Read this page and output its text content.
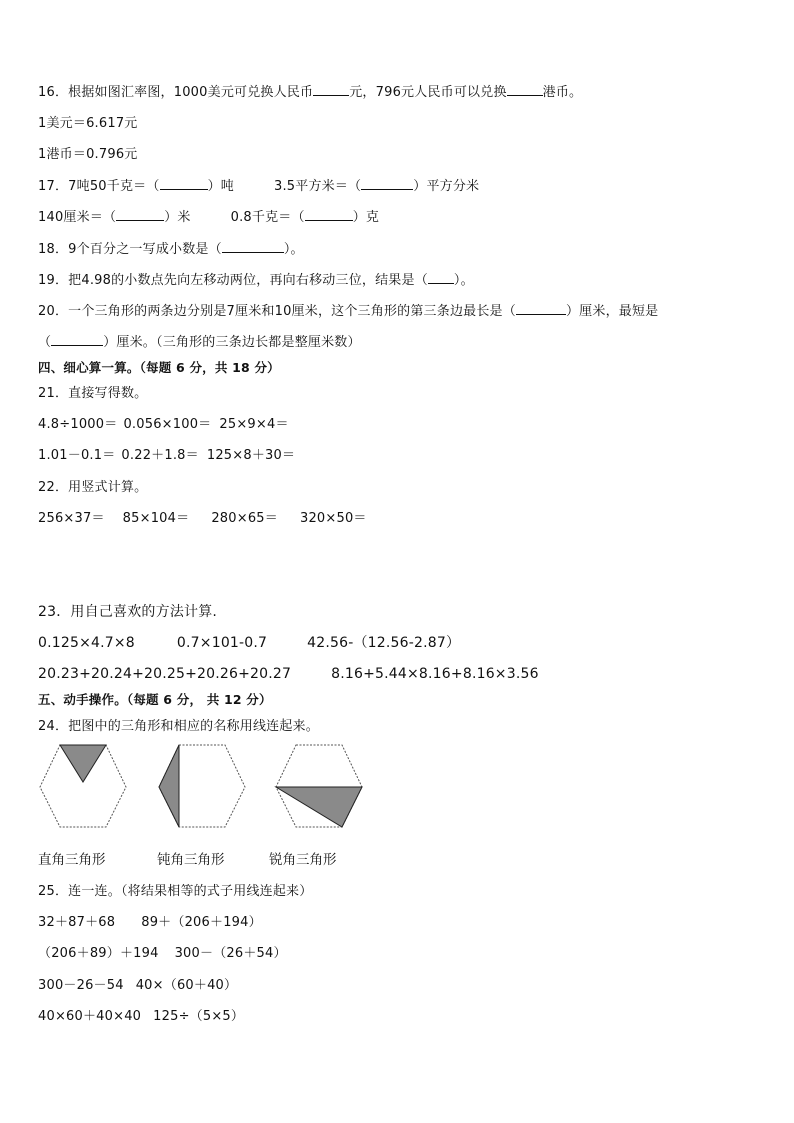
16．根据如图汇率图，1000美元可兑换人民币	元，796元人民币可以兑换	港币。
1美元＝6.617元
1港币＝0.796元
17．7吨50千克＝（	）吨	3.5平方米＝（	）平方分米
140厘米＝（	）米	0.8千克＝（	）克
18．9个百分之一写成小数是（	）。
19．把4.98的小数点先向左移动两位，再向右移动三位，结果是（ ）。
20．一个三角形的两条边分别是7厘米和10厘米，这个三角形的第三条边最长是（	）厘米，最短是
（	）厘米。（三角形的三条边长都是整厘米数）
四、细心算一算。（每题 6 分，共 18 分）
21．直接写得数。
4.8÷1000＝ 0.056×100＝ 25×9×4＝
1.01－0.1＝ 0.22＋1.8＝ 125×8＋30＝
22．用竖式计算。
256×37＝ 85×104＝ 280×65＝ 320×50＝
23．用自己喜欢的方法计算.
0.125×4.7×8	0.7×101-0.7	42.56-（12.56-2.87）
20.23+20.24+20.25+20.26+20.27	8.16+5.44×8.16+8.16×3.56
五、动手操作。（每题 6 分， 共 12 分）
24．把图中的三角形和相应的名称用线连起来。
直角三角形	钝角三角形	锐角三角形
25．连一连。（将结果相等的式子用线连起来）
32＋87＋68 89＋（206＋194）
（206＋89）＋194 300－（26＋54）
300－26－54 40×（60＋40）
40×60＋40×40 125÷（5×5）
